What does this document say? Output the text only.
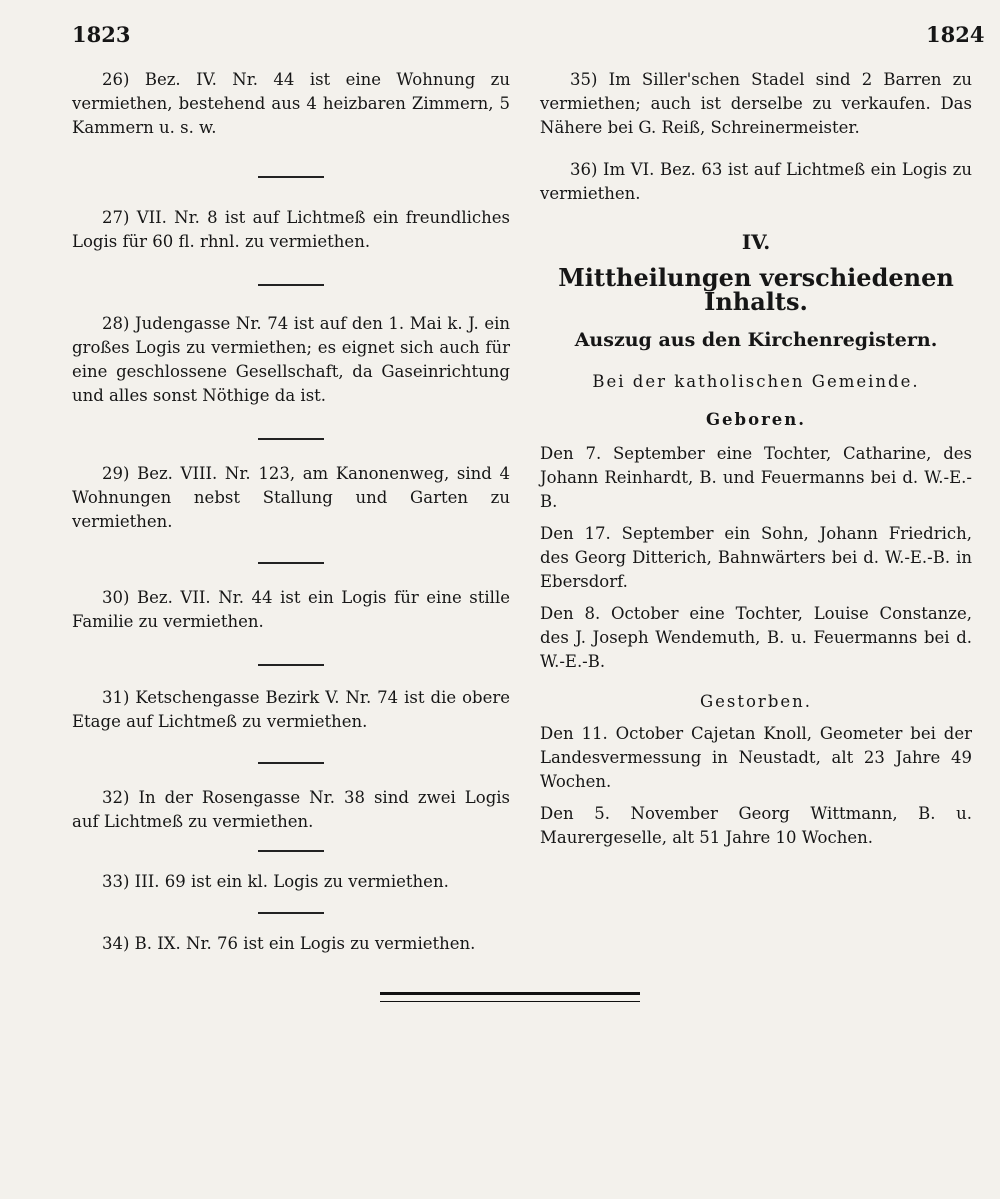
1823	1824

26) Bez. IV. Nr. 44 ist eine Wohnung zu vermiethen, bestehend aus 4 heizbaren Zimmern, 5 Kammern u. s. w.

27) VII. Nr. 8 ist auf Lichtmeß ein freundliches Logis für 60 fl. rhnl. zu vermiethen.

28) Judengasse Nr. 74 ist auf den 1. Mai k. J. ein großes Logis zu vermiethen; es eignet sich auch für eine geschlossene Gesellschaft, da Gaseinrichtung und alles sonst Nöthige da ist.

29) Bez. VIII. Nr. 123, am Kanonenweg, sind 4 Wohnungen nebst Stallung und Garten zu vermiethen.

30) Bez. VII. Nr. 44 ist ein Logis für eine stille Familie zu vermiethen.

31) Ketschengasse Bezirk V. Nr. 74 ist die obere Etage auf Lichtmeß zu vermiethen.

32) In der Rosengasse Nr. 38 sind zwei Logis auf Lichtmeß zu vermiethen.

33) III. 69 ist ein kl. Logis zu vermiethen.

34) B. IX. Nr. 76 ist ein Logis zu vermiethen.

35) Im Siller'schen Stadel sind 2 Barren zu vermiethen; auch ist derselbe zu verkaufen. Das Nähere bei G. Reiß, Schreinermeister.

36) Im VI. Bez. 63 ist auf Lichtmeß ein Logis zu vermiethen.

IV.
Mittheilungen verschiedenen Inhalts.
Auszug aus den Kirchenregistern.
Bei der katholischen Gemeinde.
Geboren.

Den 7. September eine Tochter, Catharine, des Johann Reinhardt, B. und Feuermanns bei d. W.-E.-B.

Den 17. September ein Sohn, Johann Friedrich, des Georg Ditterich, Bahnwärters bei d. W.-E.-B. in Ebersdorf.

Den 8. October eine Tochter, Louise Constanze, des J. Joseph Wendemuth, B. u. Feuermanns bei d. W.-E.-B.

Gestorben.

Den 11. October Cajetan Knoll, Geometer bei der Landesvermessung in Neustadt, alt 23 Jahre 49 Wochen.

Den 5. November Georg Wittmann, B. u. Maurergeselle, alt 51 Jahre 10 Wochen.
